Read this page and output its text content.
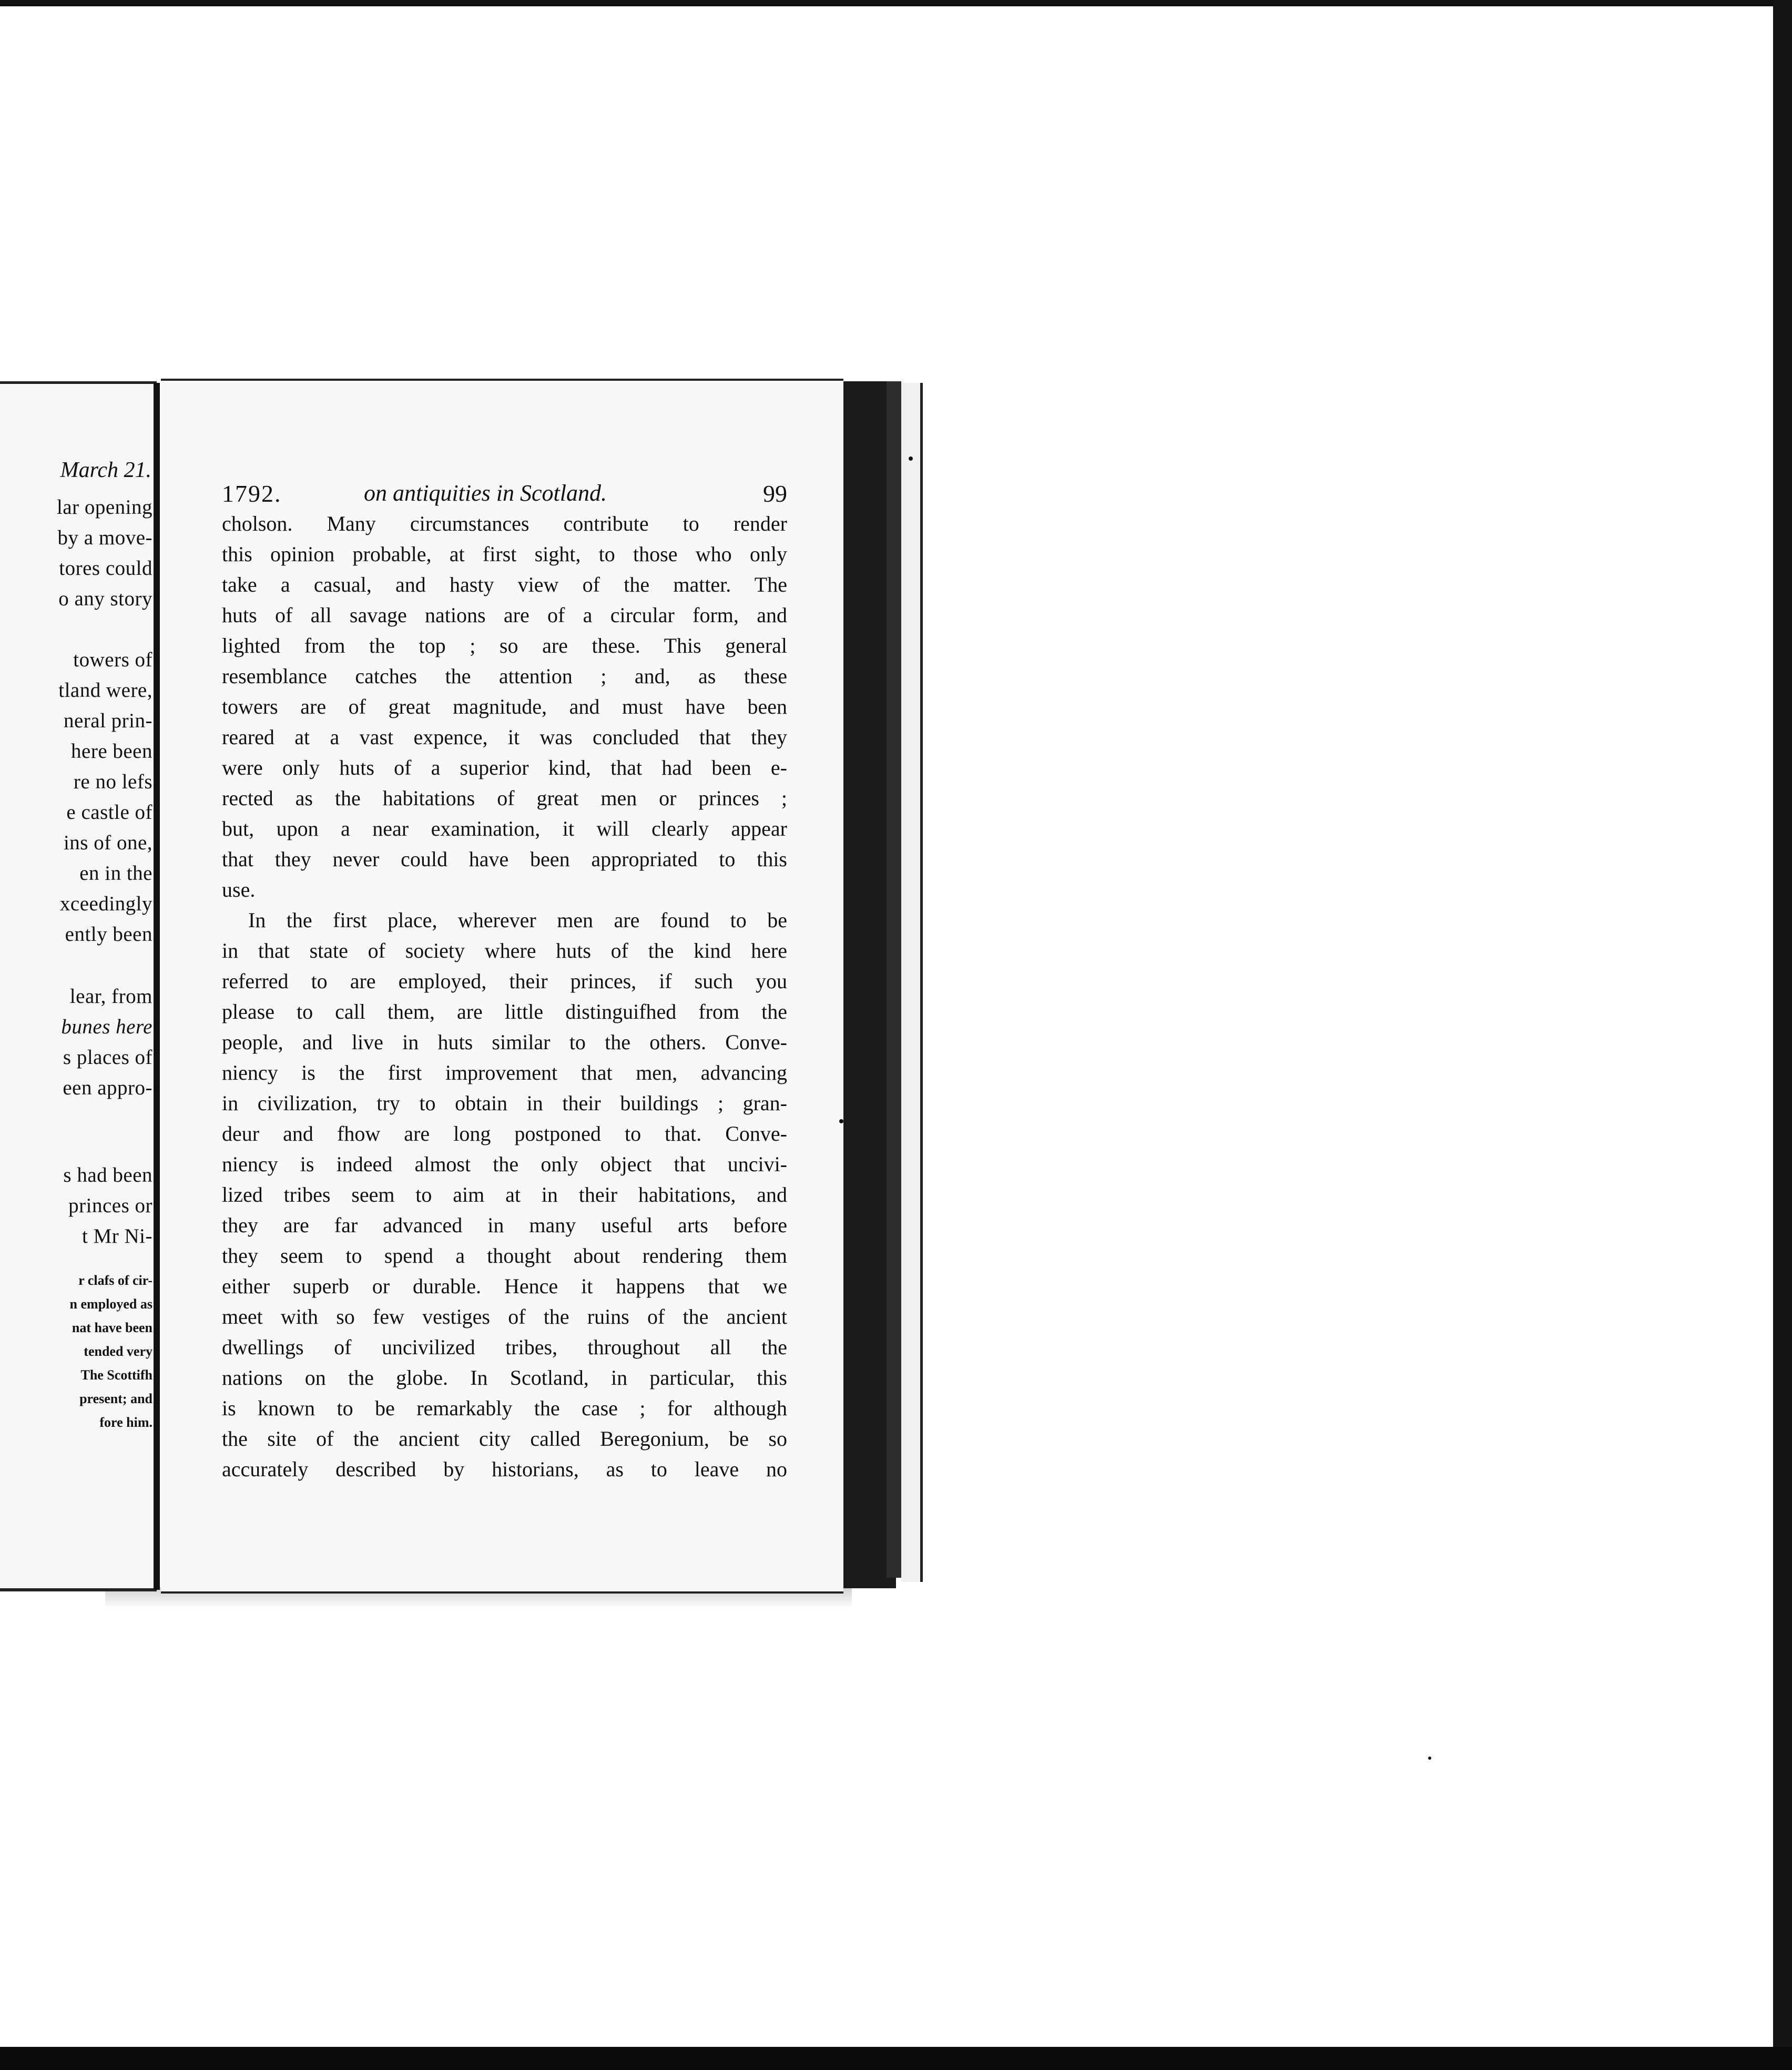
March 21.
lar opening
by a move-
tores could
o any story
towers of
tland were,
neral prin-
here been
re no lefs
e castle of
ins of one,
en in the
xceedingly
ently been
lear, from
bunes here
s places of
een appro-
s had been
princes or
t Mr Ni-
r clafs of cir-
n employed as
nat have been
tended very
The Scottifh
present; and
fore him.
1792.	on antiquities in Scotland.	99
cholson. Many circumstances contribute to render
this opinion probable, at first sight, to those who only
take a casual, and hasty view of the matter. The
huts of all savage nations are of a circular form, and
lighted from the top ; so are these. This general
resemblance catches the attention ; and, as these
towers are of great magnitude, and must have been
reared at a vast expence, it was concluded that they
were only huts of a superior kind, that had been e-
rected as the habitations of great men or princes ;
but, upon a near examination, it will clearly appear
that they never could have been appropriated to this
use.
In the first place, wherever men are found to be
in that state of society where huts of the kind here
referred to are employed, their princes, if such you
please to call them, are little distinguifhed from the
people, and live in huts similar to the others. Conve-
niency is the first improvement that men, advancing
in civilization, try to obtain in their buildings ; gran-
deur and fhow are long postponed to that. Conve-
niency is indeed almost the only object that uncivi-
lized tribes seem to aim at in their habitations, and
they are far advanced in many useful arts before
they seem to spend a thought about rendering them
either superb or durable. Hence it happens that we
meet with so few vestiges of the ruins of the ancient
dwellings of uncivilized tribes, throughout all the
nations on the globe. In Scotland, in particular, this
is known to be remarkably the case ; for although
the site of the ancient city called Beregonium, be so
accurately described by historians, as to leave no
